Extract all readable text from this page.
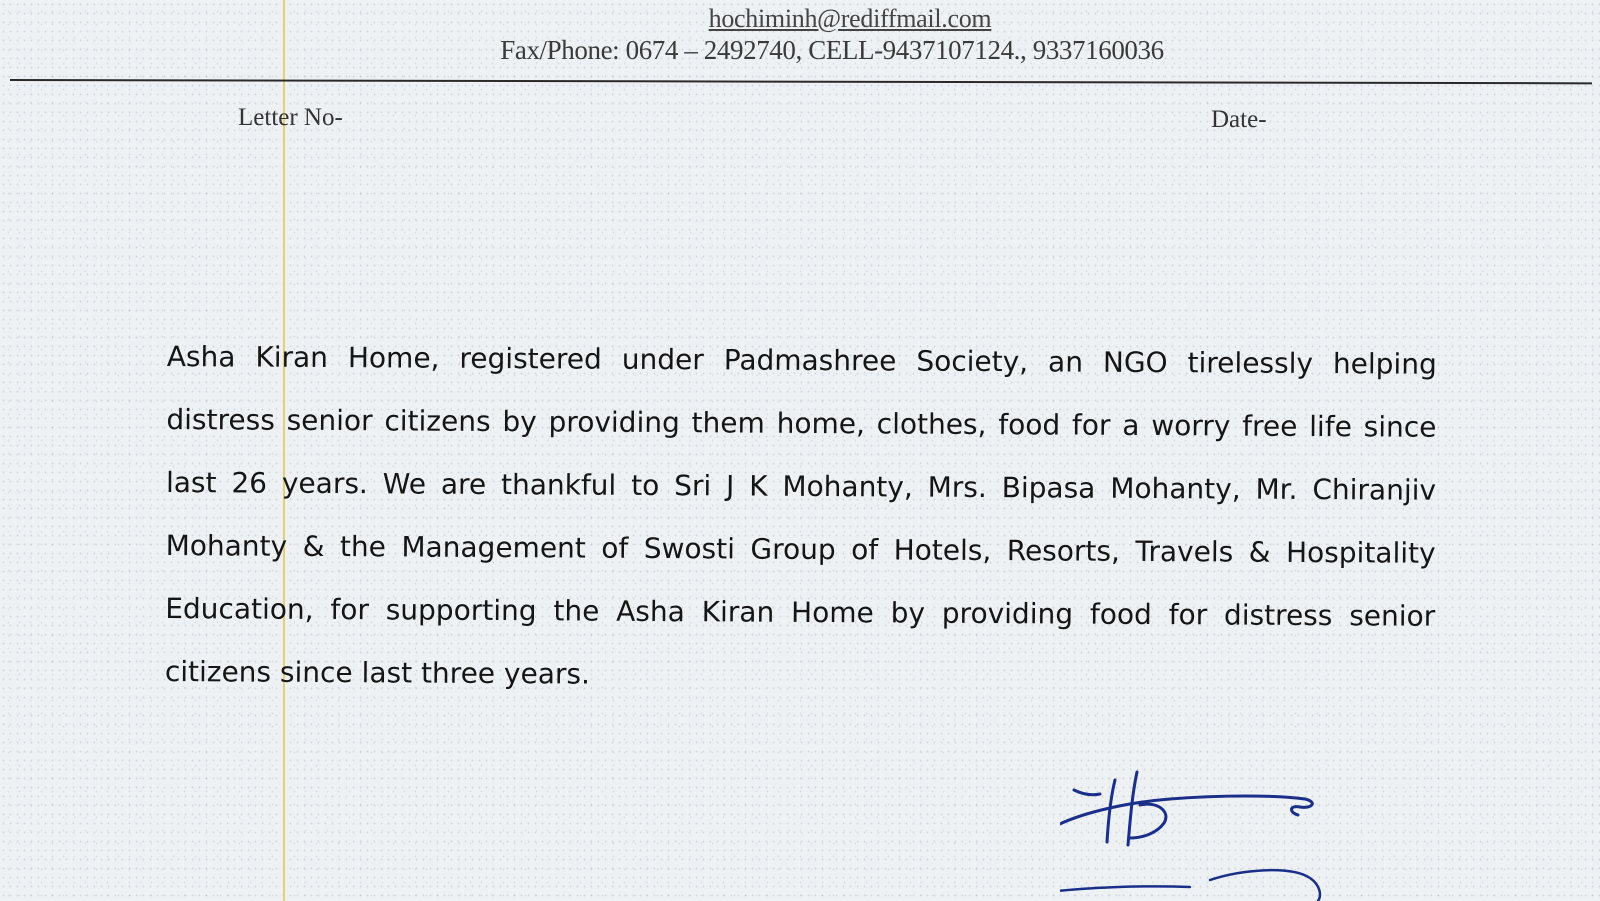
hochiminh@rediffmail.com
Fax/Phone: 0674 – 2492740, CELL-9437107124., 9337160036
Letter No-	Date-

Asha Kiran Home, registered under Padmashree Society, an NGO tirelessly helping distress senior citizens by providing them home, clothes, food for a worry free life since last 26 years. We are thankful to Sri J K Mohanty, Mrs. Bipasa Mohanty, Mr. Chiranjiv Mohanty & the Management of Swosti Group of Hotels, Resorts, Travels & Hospitality Education, for supporting the Asha Kiran Home by providing food for distress senior citizens since last three years.
